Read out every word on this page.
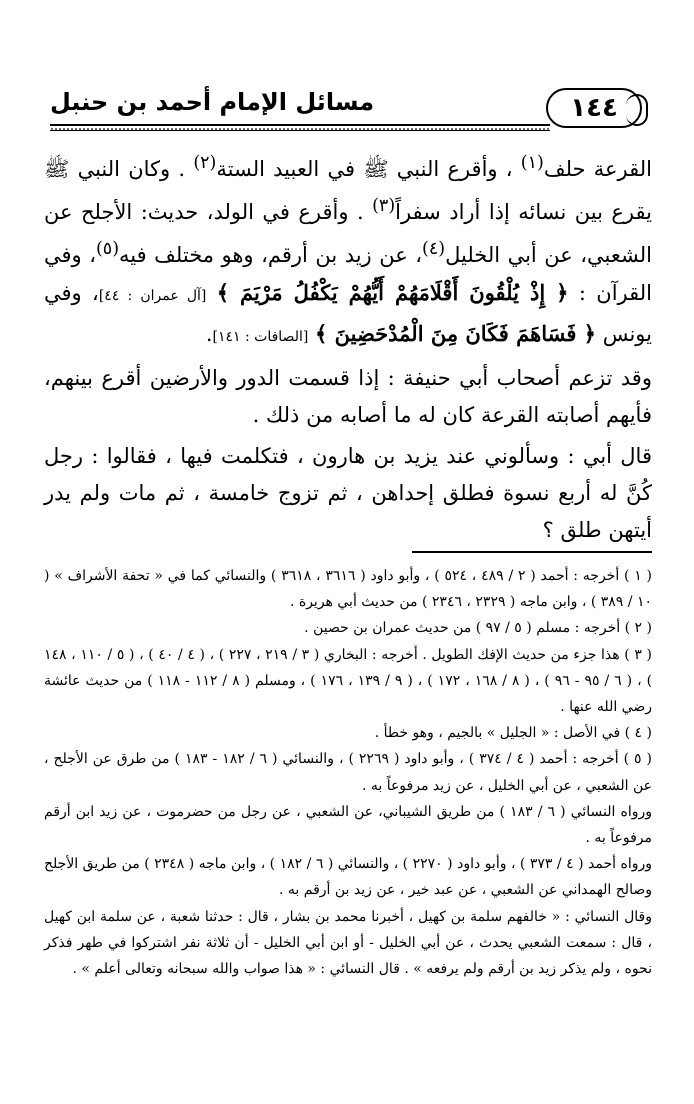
١٤٤
مسائل الإمام أحمد بن حنبل

القرعة حلف$^{(١)}$ ، وأقرع النبي ﷺ في العبيد الستة$^{(٢)}$ . وكان النبي ﷺ يقرع بين نسائه إذا أراد سفراً$^{(٣)}$ . وأقرع في الولد، حديث: الأجلح عن الشعبي، عن أبي الخليل$^{(٤)}$، عن زيد بن أرقم، وهو مختلف فيه$^{(٥)}$، وفي القرآن : ﴿ إِذْ يُلْقُونَ أَقْلَامَهُمْ أَيُّهُمْ يَكْفُلُ مَرْيَمَ ﴾ [آل عمران : ٤٤]، وفي يونس ﴿ فَسَاهَمَ فَكَانَ مِنَ الْمُدْحَضِينَ ﴾ [الصافات : ١٤١].

وقد تزعم أصحاب أبي حنيفة : إذا قسمت الدور والأرضين أقرع بينهم، فأيهم أصابته القرعة كان له ما أصابه من ذلك .

قال أبي : وسألوني عند يزيد بن هارون ، فتكلمت فيها ، فقالوا : رجل كُنَّ له أربع نسوة فطلق إحداهن ، ثم تزوج خامسة ، ثم مات ولم يدر أيتهن طلق ؟

( ١ ) أخرجه : أحمد ( ٢ / ٤٨٩ ، ٥٢٤ ) ، وأبو داود ( ٣٦١٦ ، ٣٦١٨ ) والنسائي كما في « تحفة الأشراف » ( ١٠ / ٣٨٩ ) ، وابن ماجه ( ٢٣٢٩ ، ٢٣٤٦ ) من حديث أبي هريرة .

( ٢ ) أخرجه : مسلم ( ٥ / ٩٧ ) من حديث عمران بن حصين .

( ٣ ) هذا جزء من حديث الإفك الطويل . أخرجه : البخاري ( ٣ / ٢١٩ ، ٢٢٧ ) ، ( ٤ / ٤٠ ) ، ( ٥ / ١١٠ ، ١٤٨ ) ، ( ٦ / ٩٥ - ٩٦ ) ، ( ٨ / ١٦٨ ، ١٧٢ ) ، ( ٩ / ١٣٩ ، ١٧٦ ) ، ومسلم ( ٨ / ١١٢ - ١١٨ ) من حديث عائشة رضي الله عنها .

( ٤ ) في الأصل : « الجليل » بالجيم ، وهو خطأ .

( ٥ ) أخرجه : أحمد ( ٤ / ٣٧٤ ) ، وأبو داود ( ٢٢٦٩ ) ، والنسائي ( ٦ / ١٨٢ - ١٨٣ ) من طرق عن الأجلح ، عن الشعبي ، عن أبي الخليل ، عن زيد مرفوعاً به .

ورواه النسائي ( ٦ / ١٨٣ ) من طريق الشيباني، عن الشعبي ، عن رجل من حضرموت ، عن زيد ابن أرقم مرفوعاً به .

ورواه أحمد ( ٤ / ٣٧٣ ) ، وأبو داود ( ٢٢٧٠ ) ، والنسائي ( ٦ / ١٨٢ ) ، وابن ماجه ( ٢٣٤٨ ) من طريق الأجلح وصالح الهمداني عن الشعبي ، عن عبد خير ، عن زيد بن أرقم به .

وقال النسائي : « خالفهم سلمة بن كهيل ، أخبرنا محمد بن بشار ، قال : حدثنا شعبة ، عن سلمة ابن كهيل ، قال : سمعت الشعبي يحدث ، عن أبي الخليل - أو ابن أبي الخليل - أن ثلاثة نفر اشتركوا في طهر فذكر نحوه ، ولم يذكر زيد بن أرقم ولم يرفعه » . قال النسائي : « هذا صواب والله سبحانه وتعالى أعلم » .
